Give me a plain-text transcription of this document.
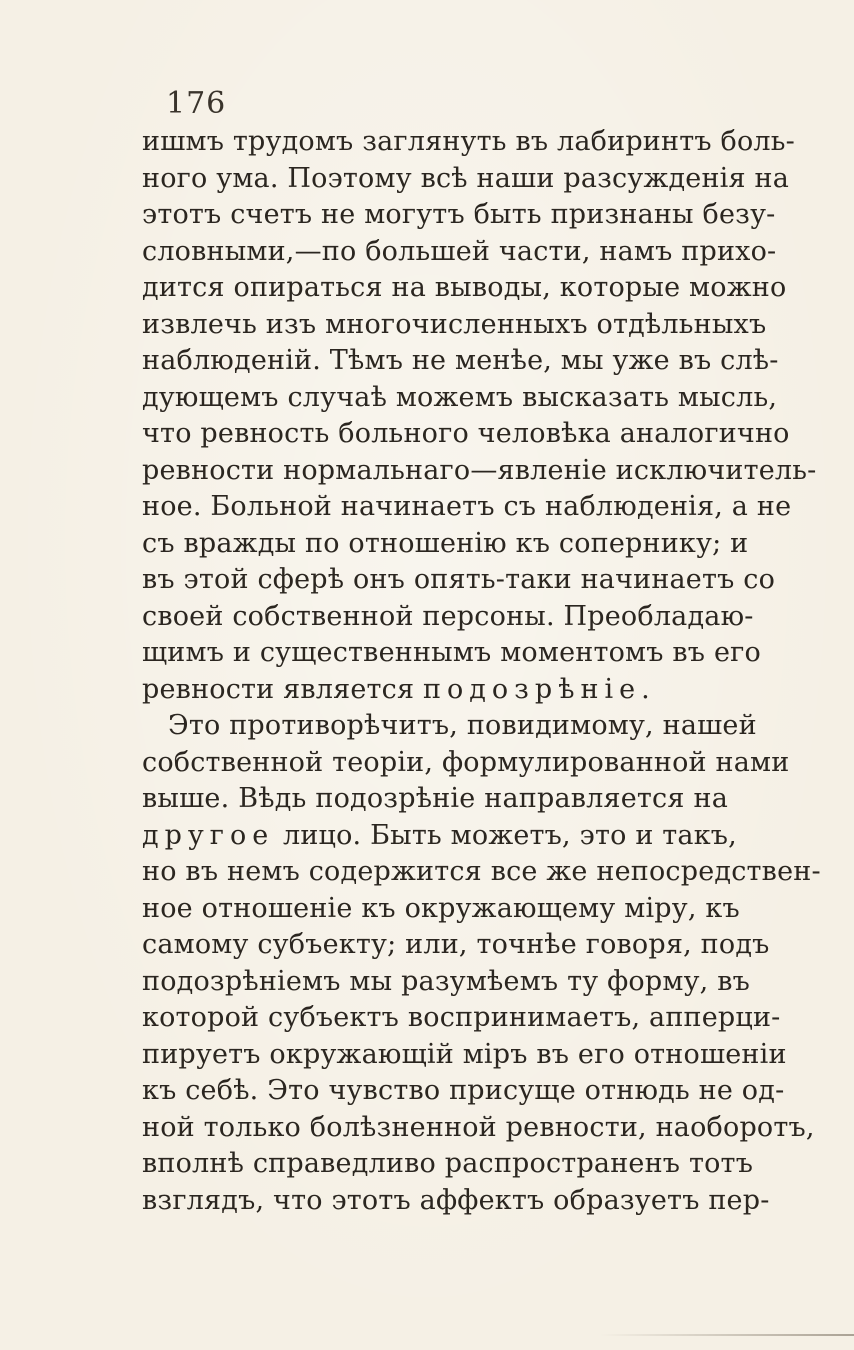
176
ишмъ трудомъ заглянуть въ лабиринтъ боль-
ного ума. Поэтому всѣ наши разсужденія на
этотъ счетъ не могутъ быть признаны безу-
словными,—по большей части, намъ прихо-
дится опираться на выводы, которые можно
извлечь изъ многочисленныхъ отдѣльныхъ
наблюденій. Тѣмъ не менѣе, мы уже въ слѣ-
дующемъ случаѣ можемъ высказать мысль,
что ревность больного человѣка аналогично
ревности нормальнаго—явленіе исключитель-
ное. Больной начинаетъ съ наблюденія, а не
съ вражды по отношенію къ сопернику; и
въ этой сферѣ онъ опять-таки начинаетъ со
своей собственной персоны. Преобладаю-
щимъ и существеннымъ моментомъ въ его
ревности является подозрѣніе.
Это противорѣчитъ, повидимому, нашей
собственной теоріи, формулированной нами
выше. Вѣдь подозрѣніе направляется на
другое лицо. Быть можетъ, это и такъ,
но въ немъ содержится все же непосредствен-
ное отношеніе къ окружающему міру, къ
самому субъекту; или, точнѣе говоря, подъ
подозрѣніемъ мы разумѣемъ ту форму, въ
которой субъектъ воспринимаетъ, апперци-
пируетъ окружающій міръ въ его отношеніи
къ себѣ. Это чувство присуще отнюдь не од-
ной только болѣзненной ревности, наоборотъ,
вполнѣ справедливо распространенъ тотъ
взглядъ, что этотъ аффектъ образуетъ пер-
